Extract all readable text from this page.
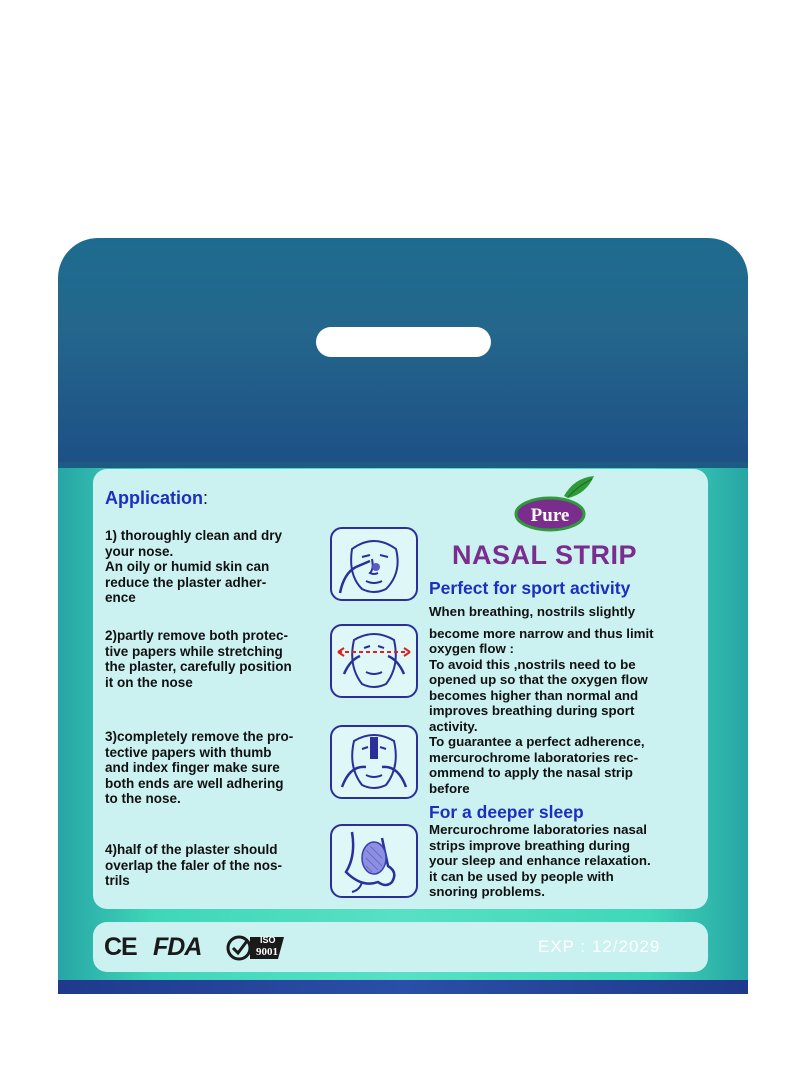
Application:
1) thoroughly clean and dry
your nose.
An oily or humid skin can
reduce the plaster adher-
ence
2)partly remove both protec-
tive papers while stretching
the plaster, carefully position
it on the nose
3)completely remove the pro-
tective papers with thumb
and index finger make sure
both ends are well adhering
to the nose.
4)half of the plaster should
overlap the faler of the nos-
trils
Pure
NASAL STRIP
Perfect for sport activity
When breathing, nostrils slightly
become more narrow and thus limit
oxygen flow :
To avoid this ,nostrils need to be
opened up so that the oxygen flow
becomes higher than normal and
improves breathing during sport
activity.
To guarantee a perfect adherence,
mercurochrome laboratories rec-
ommend to apply the nasal strip
before
For a deeper sleep
Mercurochrome laboratories nasal
strips improve breathing during
your sleep and enhance relaxation.
it can be used by people with
snoring problems.
CE FDA	ISO
9001	EXP : 12/2029
